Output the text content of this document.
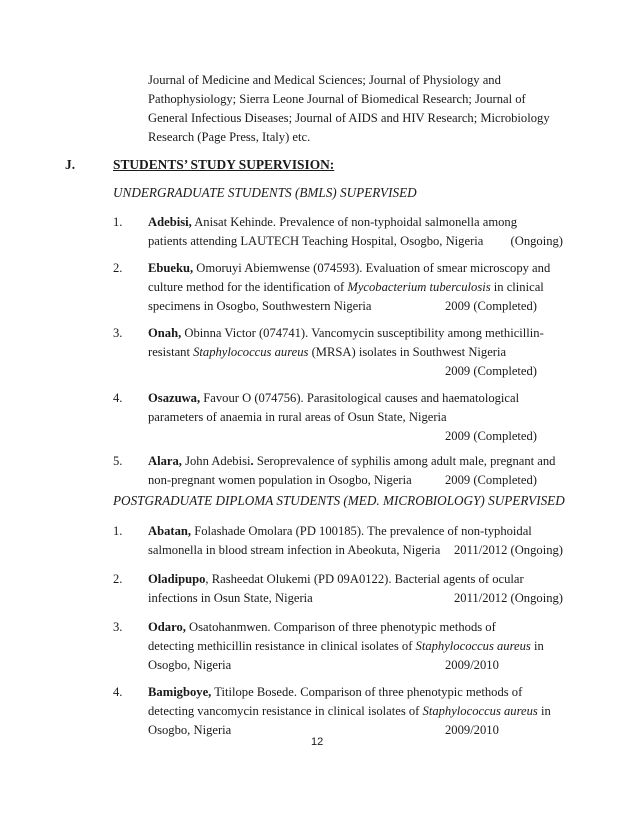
Journal of Medicine and Medical Sciences; Journal of Physiology and
Pathophysiology; Sierra Leone Journal of Biomedical Research; Journal of
General Infectious Diseases; Journal of AIDS and HIV Research; Microbiology
Research (Page Press, Italy) etc.
J.	STUDENTS’ STUDY SUPERVISION:
UNDERGRADUATE STUDENTS (BMLS) SUPERVISED
1. Adebisi, Anisat Kehinde. Prevalence of non-typhoidal salmonella among
patients attending LAUTECH Teaching Hospital, Osogbo, Nigeria (Ongoing)
2. Ebueku, Omoruyi Abiemwense (074593). Evaluation of smear microscopy and
culture method for the identification of Mycobacterium tuberculosis in clinical
specimens in Osogbo, Southwestern Nigeria	2009 (Completed)
3. Onah, Obinna Victor (074741). Vancomycin susceptibility among methicillin-
resistant Staphylococcus aureus (MRSA) isolates in Southwest Nigeria
2009 (Completed)
4. Osazuwa, Favour O (074756). Parasitological causes and haematological
parameters of anaemia in rural areas of Osun State, Nigeria
2009 (Completed)
5. Alara, John Adebisi. Seroprevalence of syphilis among adult male, pregnant and
non-pregnant women population in Osogbo, Nigeria	2009 (Completed)
POSTGRADUATE DIPLOMA STUDENTS (MED. MICROBIOLOGY) SUPERVISED
1. Abatan, Folashade Omolara (PD 100185). The prevalence of non-typhoidal
salmonella in blood stream infection in Abeokuta, Nigeria 2011/2012 (Ongoing)
2. Oladipupo, Rasheedat Olukemi (PD 09A0122). Bacterial agents of ocular
infections in Osun State, Nigeria	2011/2012 (Ongoing)
3. Odaro, Osatohanmwen. Comparison of three phenotypic methods of
detecting methicillin resistance in clinical isolates of Staphylococcus aureus in
Osogbo, Nigeria	2009/2010
4. Bamigboye, Titilope Bosede. Comparison of three phenotypic methods of
detecting vancomycin resistance in clinical isolates of Staphylococcus aureus in
Osogbo, Nigeria	2009/2010
12
